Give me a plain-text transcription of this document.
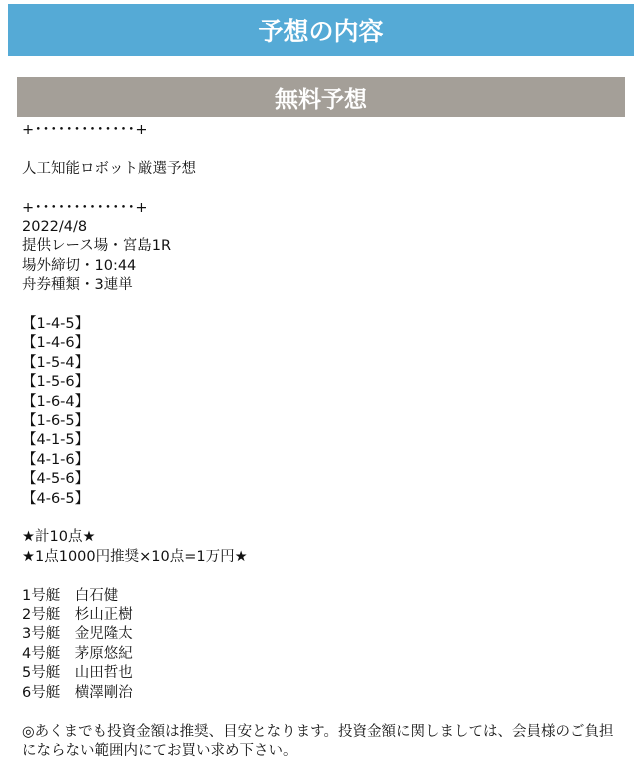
予想の内容
無料予想
+･････････････+
人工知能ロボット厳選予想
+･････････････+
2022/4/8
提供レース場・宮島1R
場外締切・10:44
舟券種類・3連単
【1-4-5】
【1-4-6】
【1-5-4】
【1-5-6】
【1-6-4】
【1-6-5】
【4-1-5】
【4-1-6】
【4-5-6】
【4-6-5】
★計10点★
★1点1000円推奨×10点=1万円★
1号艇　白石健
2号艇　杉山正樹
3号艇　金児隆太
4号艇　茅原悠紀
5号艇　山田哲也
6号艇　横澤剛治
◎あくまでも投資金額は推奨、目安となります。投資金額に関しましては、会員様のご負担にならない範囲内にてお買い求め下さい。
